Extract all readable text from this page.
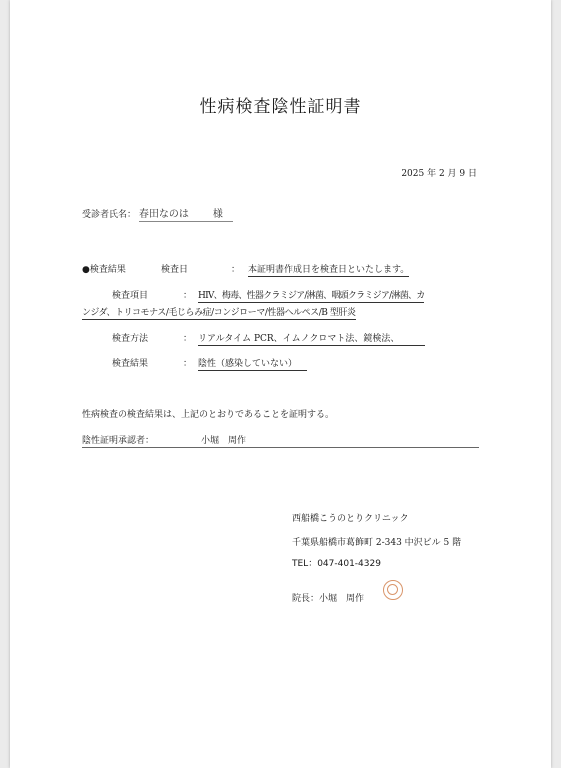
性病検査陰性証明書
2025 年 2 月 9 日
受診者氏名： 春田なのは 様
●検査結果	検査日	： 本証明書作成日を検査日といたします。
検査項目	： HIV、梅毒、性器クラミジア/淋菌、咽頭クラミジア/淋菌、カ
ンジダ、トリコモナス/毛じらみ症/コンジローマ/性器ヘルペス/B 型肝炎
検査方法	： リアルタイム PCR、イムノクロマト法、鏡検法、
検査結果	： 陰性（感染していない）
性病検査の検査結果は、上記のとおりであることを証明する。
陰性証明承認者：	小堀　周作
西船橋こうのとりクリニック
千葉県船橋市葛飾町 2-343 中沢ビル 5 階
TEL：047-401-4329
院長：小堀　周作
